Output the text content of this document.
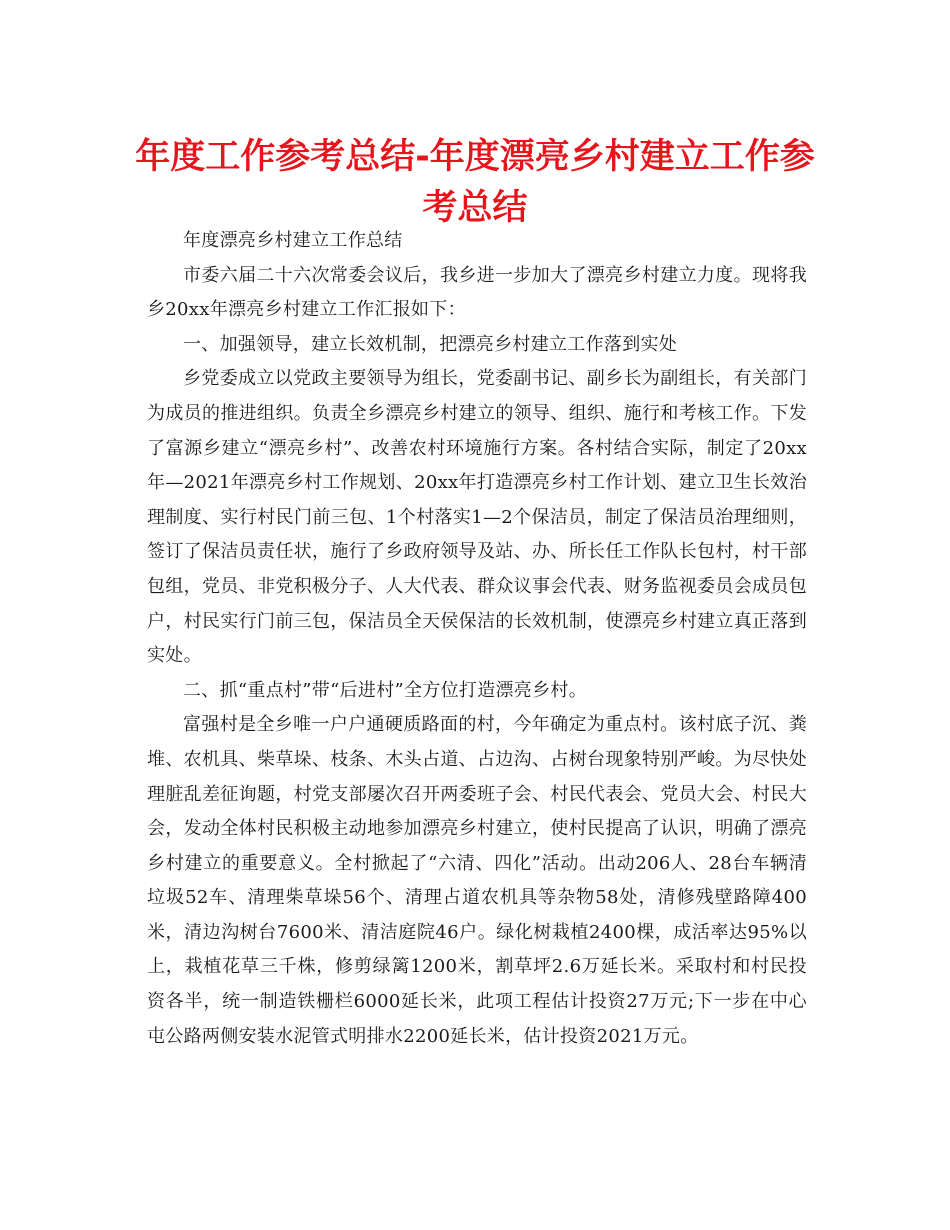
年度工作参考总结-年度漂亮乡村建立工作参考总结

年度漂亮乡村建立工作总结

市委六届二十六次常委会议后，我乡进一步加大了漂亮乡村建立力度。现将我乡20xx年漂亮乡村建立工作汇报如下：

一、加强领导，建立长效机制，把漂亮乡村建立工作落到实处

乡党委成立以党政主要领导为组长，党委副书记、副乡长为副组长，有关部门为成员的推进组织。负责全乡漂亮乡村建立的领导、组织、施行和考核工作。下发了富源乡建立“漂亮乡村”、改善农村环境施行方案。各村结合实际，制定了20xx年—2021年漂亮乡村工作规划、20xx年打造漂亮乡村工作计划、建立卫生长效治理制度、实行村民门前三包、1个村落实1—2个保洁员，制定了保洁员治理细则，签订了保洁员责任状，施行了乡政府领导及站、办、所长任工作队长包村，村干部包组，党员、非党积极分子、人大代表、群众议事会代表、财务监视委员会成员包户，村民实行门前三包，保洁员全天侯保洁的长效机制，使漂亮乡村建立真正落到实处。

二、抓“重点村”带“后进村”全方位打造漂亮乡村。

富强村是全乡唯一户户通硬质路面的村，今年确定为重点村。该村底子沉、粪堆、农机具、柴草垛、枝条、木头占道、占边沟、占树台现象特别严峻。为尽快处理脏乱差征询题，村党支部屡次召开两委班子会、村民代表会、党员大会、村民大会，发动全体村民积极主动地参加漂亮乡村建立，使村民提高了认识，明确了漂亮乡村建立的重要意义。全村掀起了“六清、四化”活动。出动206人、28台车辆清垃圾52车、清理柴草垛56个、清理占道农机具等杂物58处，清修残壁路障400米，清边沟树台7600米、清洁庭院46户。绿化树栽植2400棵，成活率达95%以上，栽植花草三千株，修剪绿篱1200米，割草坪2.6万延长米。采取村和村民投资各半，统一制造铁栅栏6000延长米，此项工程估计投资27万元;下一步在中心屯公路两侧安装水泥管式明排水2200延长米，估计投资2021万元。
